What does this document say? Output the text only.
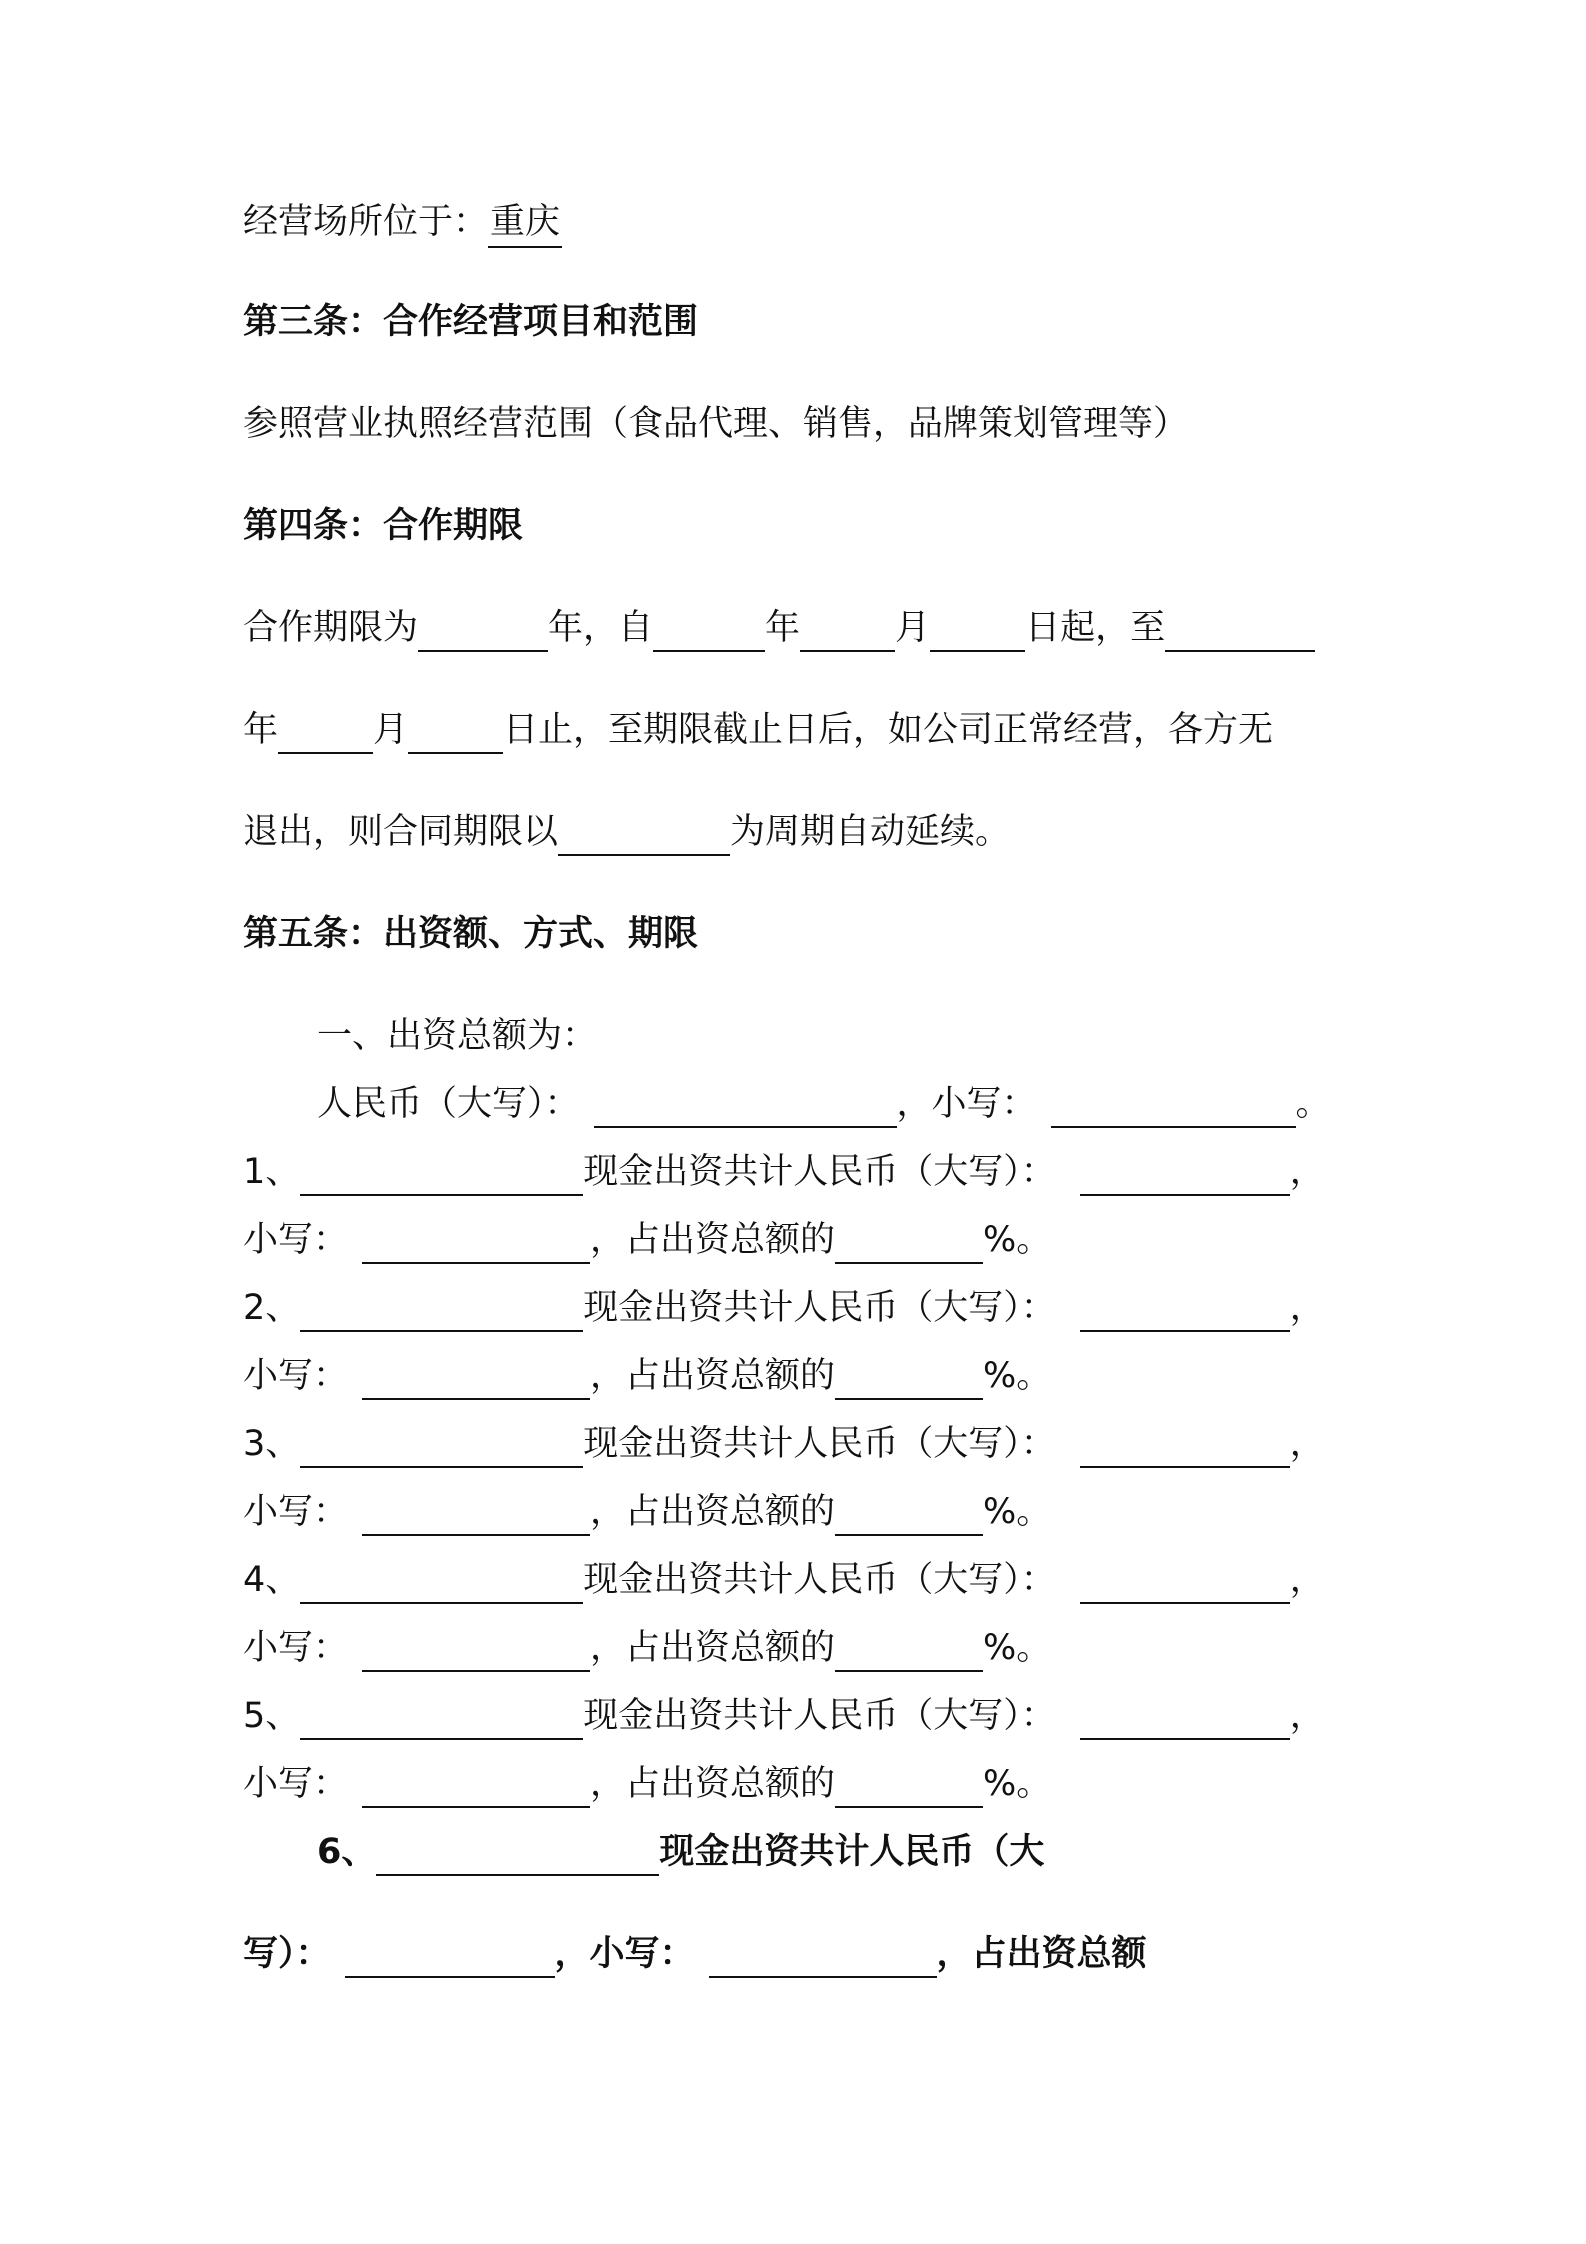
经营场所位于：重庆
第三条：合作经营项目和范围
参照营业执照经营范围（食品代理、销售，品牌策划管理等）
第四条：合作期限
合作期限为	年，自	年	月	日起，至
年	月	日止，至期限截止日后，如公司正常经营，各方无
退出，则合同期限以	为周期自动延续。
第五条：出资额、方式、期限
一、出资总额为：
人民币（大写）：	，小写：	。
1、	现金出资共计人民币（大写）：	，
小写：	，占出资总额的	%。
2、	现金出资共计人民币（大写）：	，
小写：	，占出资总额的	%。
3、	现金出资共计人民币（大写）：	，
小写：	，占出资总额的	%。
4、	现金出资共计人民币（大写）：	，
小写：	，占出资总额的	%。
5、	现金出资共计人民币（大写）：	，
小写：	，占出资总额的	%。
6、	现金出资共计人民币（大
写）：	，小写：	，占出资总额
